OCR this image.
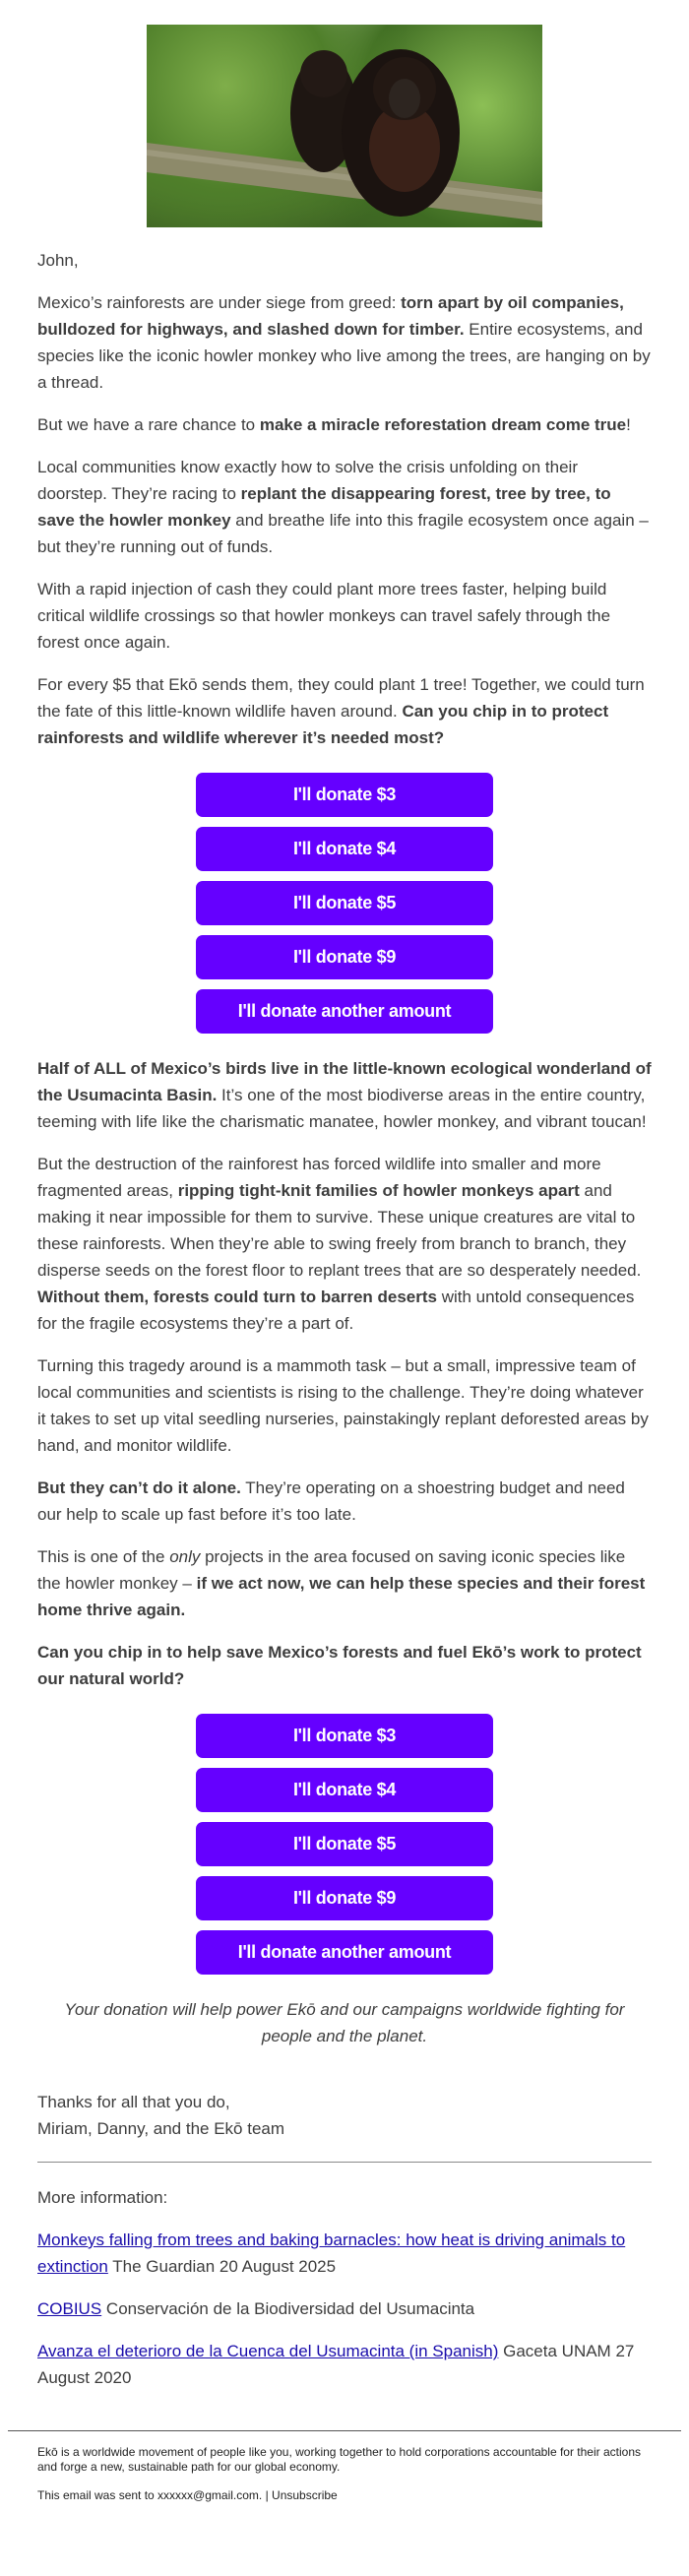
John,

Mexico’s rainforests are under siege from greed: torn apart by oil companies, bulldozed for highways, and slashed down for timber. Entire ecosystems, and species like the iconic howler monkey who live among the trees, are hanging on by a thread.

But we have a rare chance to make a miracle reforestation dream come true!

Local communities know exactly how to solve the crisis unfolding on their doorstep. They’re racing to replant the disappearing forest, tree by tree, to save the howler monkey and breathe life into this fragile ecosystem once again – but they’re running out of funds.

With a rapid injection of cash they could plant more trees faster, helping build critical wildlife crossings so that howler monkeys can travel safely through the forest once again.

For every $5 that Ekō sends them, they could plant 1 tree! Together, we could turn the fate of this little-known wildlife haven around. Can you chip in to protect rainforests and wildlife wherever it’s needed most?

I'll donate $3
I'll donate $4
I'll donate $5
I'll donate $9
I'll donate another amount

Half of ALL of Mexico’s birds live in the little-known ecological wonderland of the Usumacinta Basin. It’s one of the most biodiverse areas in the entire country, teeming with life like the charismatic manatee, howler monkey, and vibrant toucan!

But the destruction of the rainforest has forced wildlife into smaller and more fragmented areas, ripping tight-knit families of howler monkeys apart and making it near impossible for them to survive. These unique creatures are vital to these rainforests. When they’re able to swing freely from branch to branch, they disperse seeds on the forest floor to replant trees that are so desperately needed. Without them, forests could turn to barren deserts with untold consequences for the fragile ecosystems they’re a part of.

Turning this tragedy around is a mammoth task – but a small, impressive team of local communities and scientists is rising to the challenge. They’re doing whatever it takes to set up vital seedling nurseries, painstakingly replant deforested areas by hand, and monitor wildlife.

But they can’t do it alone. They’re operating on a shoestring budget and need our help to scale up fast before it’s too late.

This is one of the only projects in the area focused on saving iconic species like the howler monkey – if we act now, we can help these species and their forest home thrive again.

Can you chip in to help save Mexico’s forests and fuel Ekō’s work to protect our natural world?

I'll donate $3
I'll donate $4
I'll donate $5
I'll donate $9
I'll donate another amount

Your donation will help power Ekō and our campaigns worldwide fighting for people and the planet.

Thanks for all that you do,
Miriam, Danny, and the Ekō team

More information:

Monkeys falling from trees and baking barnacles: how heat is driving animals to extinction The Guardian 20 August 2025

COBIUS Conservación de la Biodiversidad del Usumacinta

Avanza el deterioro de la Cuenca del Usumacinta (in Spanish) Gaceta UNAM 27 August 2020

Ekō is a worldwide movement of people like you, working together to hold corporations accountable for their actions and forge a new, sustainable path for our global economy.

This email was sent to xxxxxx@gmail.com. | Unsubscribe
